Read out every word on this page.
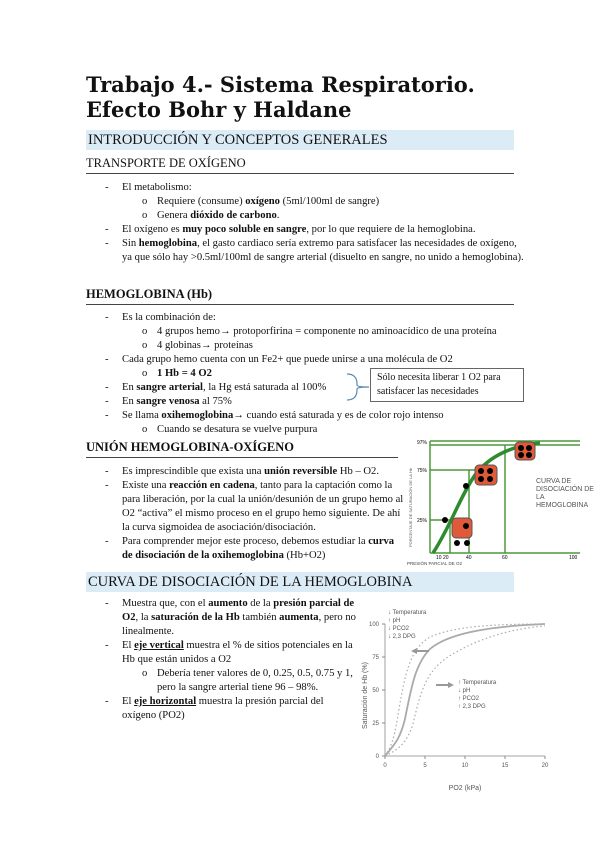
Trabajo 4.- Sistema Respiratorio.
Efecto Bohr y Haldane
INTRODUCCIÓN Y CONCEPTOS GENERALES
TRANSPORTE DE OXÍGENO
- El metabolismo:
o Requiere (consume) oxígeno (5ml/100ml de sangre)
o Genera dióxido de carbono.
- El oxígeno es muy poco soluble en sangre, por lo que requiere de la hemoglobina.
- Sin hemoglobina, el gasto cardiaco sería extremo para satisfacer las necesidades de oxígeno, ya que sólo hay >0.5ml/100ml de sangre arterial (disuelto en sangre, no unido a hemoglobina).
HEMOGLOBINA (Hb)
- Es la combinación de:
o 4 grupos hemo→ protoporfirina = componente no aminoacídico de una proteína
o 4 globinas→ proteínas
- Cada grupo hemo cuenta con un Fe2+ que puede unirse a una molécula de O2
o 1 Hb = 4 O2
- En sangre arterial, la Hg está saturada al 100%
- En sangre venosa al 75%
- Se llama oxihemoglobina→ cuando está saturada y es de color rojo intenso
o Cuando se desatura se vuelve purpura
Sólo necesita liberar 1 O2 para satisfacer las necesidades
UNIÓN HEMOGLOBINA-OXÍGENO
- Es imprescindible que exista una unión reversible Hb – O2.
- Existe una reacción en cadena, tanto para la captación como la para liberación, por la cual la unión/desunión de un grupo hemo al O2 “activa” el mismo proceso en el grupo hemo siguiente. De ahí la curva sigmoidea de asociación/disociación.
- Para comprender mejor este proceso, debemos estudiar la curva de disociación de la oxihemoglobina (Hb+O2)
97%
75%
25%
10 20	40	60	100
PRESIÓN PARCIAL DE O2
PORCENTAJE DE SATURACIÓN DE LA Hb	CURVA DE DISOCIACIÓN DE LA HEMOGLOBINA
CURVA DE DISOCIACIÓN DE LA HEMOGLOBINA
- Muestra que, con el aumento de la presión parcial de O2, la saturación de la Hb también aumenta, pero no linealmente.
- El eje vertical muestra el % de sitios potenciales en la Hb que están unidos a O2
o Debería tener valores de 0, 0.25, 0.5, 0.75 y 1, pero la sangre arterial tiene 96 – 98%.
- El eje horizontal muestra la presión parcial del oxígeno (PO2)
0
25
50
75
100
0	5	10	15	20
↓ Temperatura
↑ pH
↓ PCO2
↓ 2,3 DPG
↑ Temperatura
↓ pH
↑ PCO2
↑ 2,3 DPG
PO2 (kPa)
Saturación de Hb (%)
